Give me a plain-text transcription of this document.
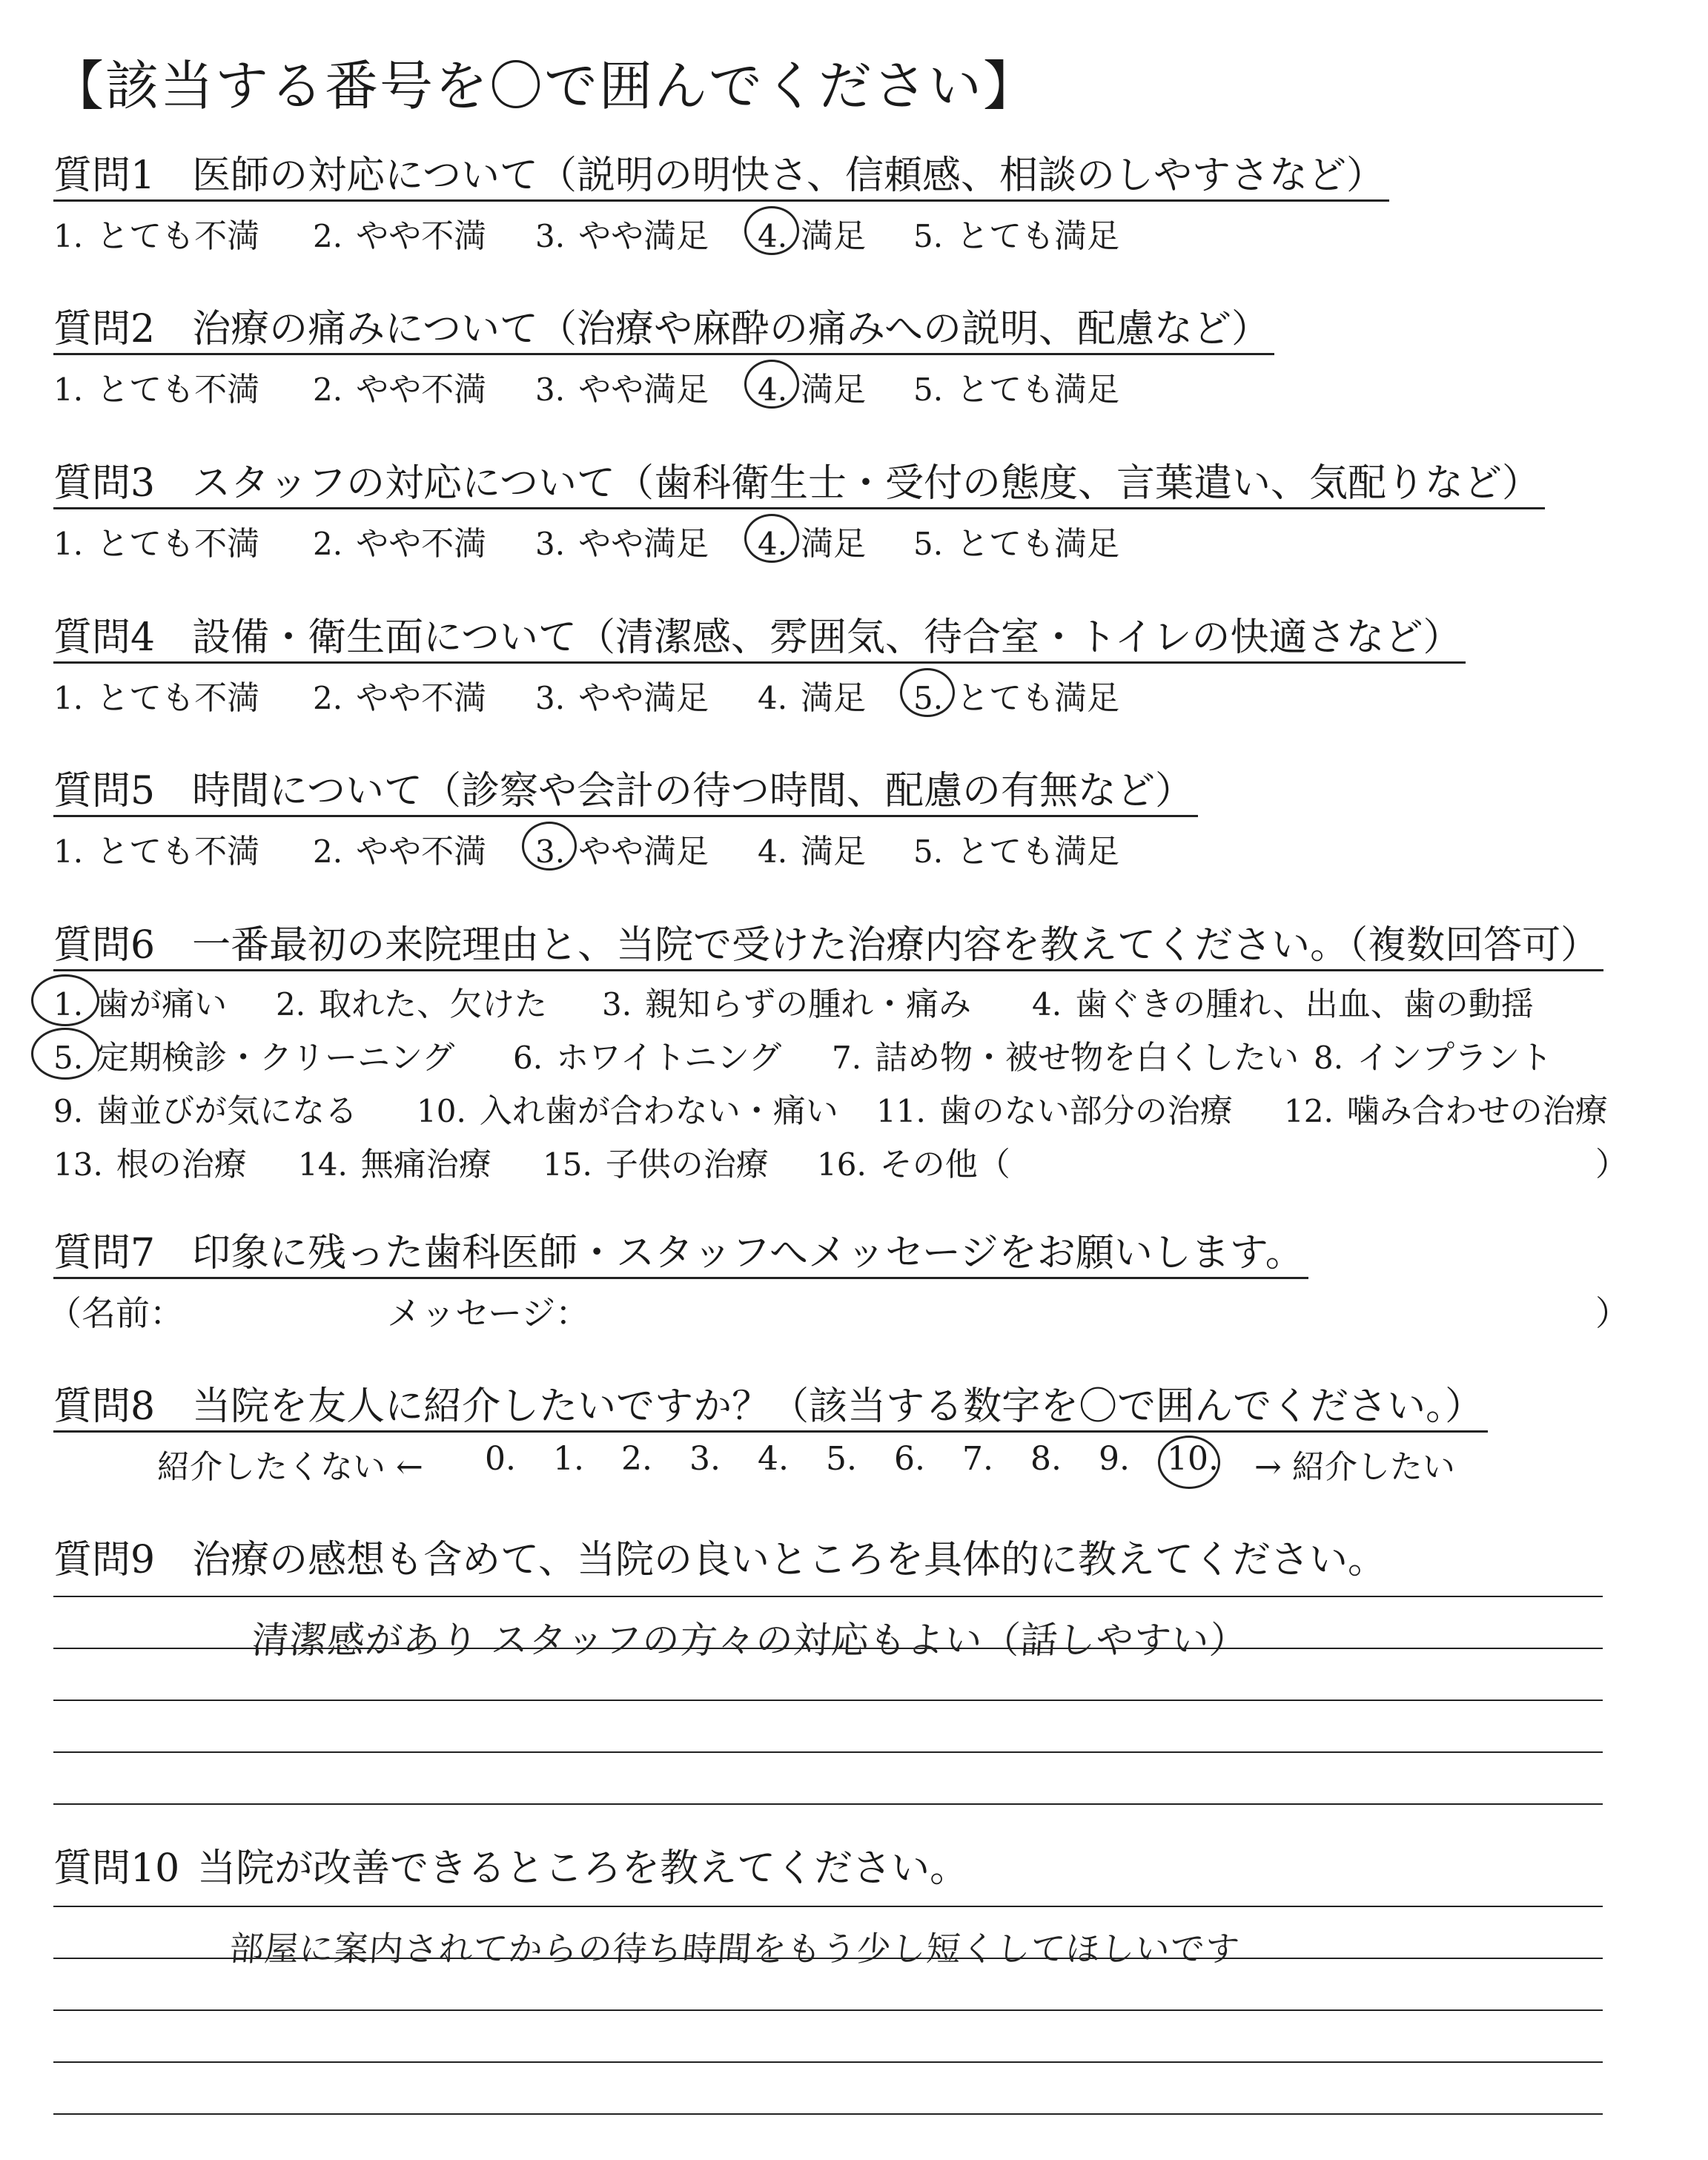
【該当する番号を〇で囲んでください】
質問1 医師の対応について（説明の明快さ、信頼感、相談のしやすさなど）
1. とても不満 2. やや不満 3. やや満足 4. 満足 5. とても満足
質問2 治療の痛みについて（治療や麻酔の痛みへの説明、配慮など）
1. とても不満 2. やや不満 3. やや満足 4. 満足 5. とても満足
質問3 スタッフの対応について（歯科衛生士・受付の態度、言葉遣い、気配りなど）
1. とても不満 2. やや不満 3. やや満足 4. 満足 5. とても満足
質問4 設備・衛生面について（清潔感、雰囲気、待合室・トイレの快適さなど）
1. とても不満 2. やや不満 3. やや満足 4. 満足 5. とても満足
質問5 時間について（診察や会計の待つ時間、配慮の有無など）
1. とても不満 2. やや不満 3. やや満足 4. 満足 5. とても満足
質問6 一番最初の来院理由と、当院で受けた治療内容を教えてください。（複数回答可）
1. 歯が痛い 2. 取れた、欠けた 3. 親知らずの腫れ・痛み 4. 歯ぐきの腫れ、出血、歯の動揺
5. 定期検診・クリーニング 6. ホワイトニング 7. 詰め物・被せ物を白くしたい 8. インプラント
9. 歯並びが気になる 10. 入れ歯が合わない・痛い 11. 歯のない部分の治療 12. 噛み合わせの治療
13. 根の治療 14. 無痛治療 15. 子供の治療 16. その他（	）
質問7 印象に残った歯科医師・スタッフへメッセージをお願いします。
（名前：	メッセージ：	）
質問8 当院を友人に紹介したいですか？（該当する数字を〇で囲んでください。）
紹介したくない ← 0. 1. 2. 3. 4. 5. 6. 7. 8. 9. 10. → 紹介したい
質問9 治療の感想も含めて、当院の良いところを具体的に教えてください。
清潔感があり スタッフの方々の対応もよい（話しやすい）
質問10 当院が改善できるところを教えてください。
部屋に案内されてからの待ち時間をもう少し短くしてほしいです
